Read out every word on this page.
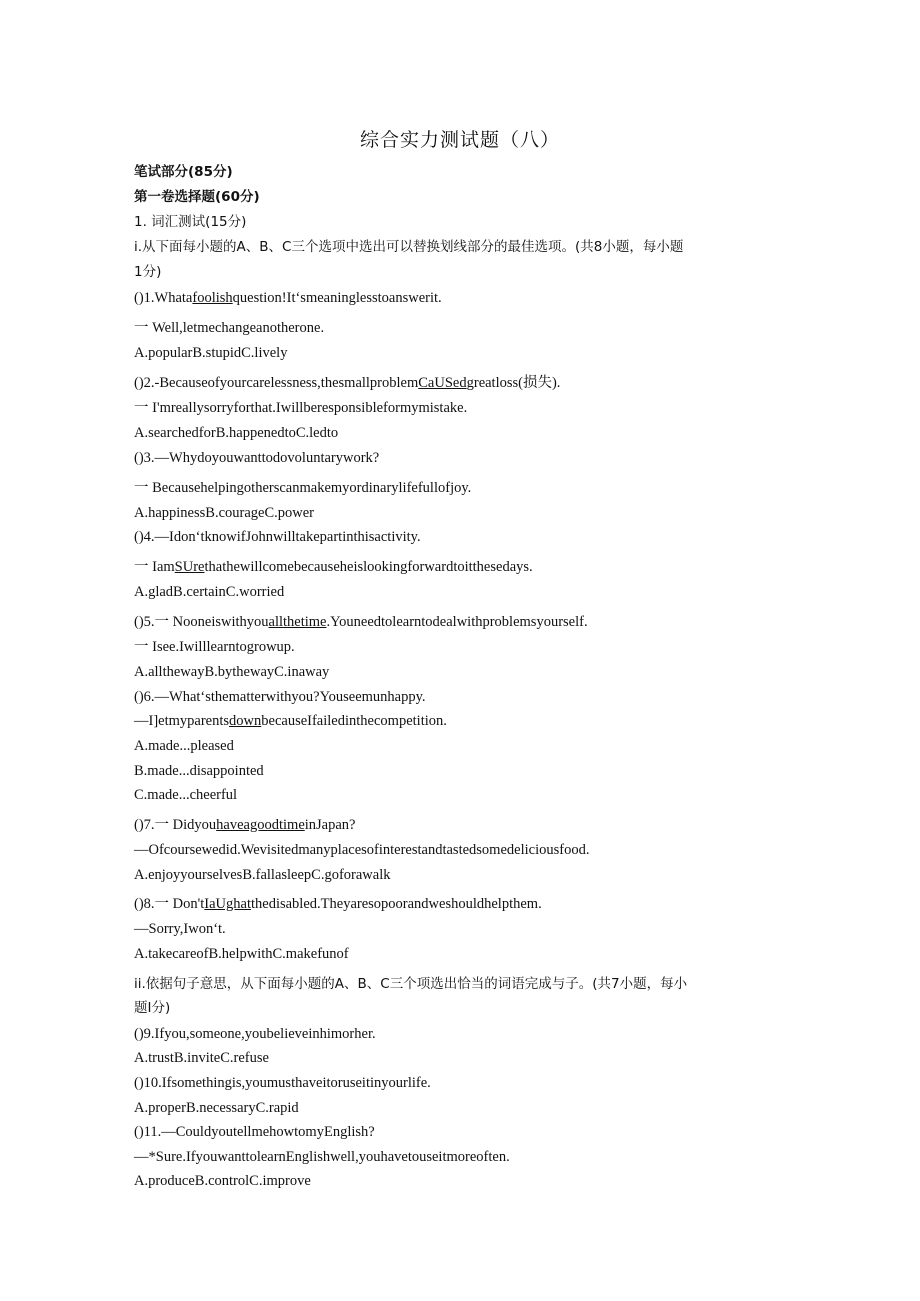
综合实力测试题（八）
笔试部分(85分)
第一卷选择题(60分)
1. 词汇测试(15分)
i.从下面每小题的A、B、C三个选项中选出可以替换划线部分的最佳选项。(共8小题，每小题
1分)
()1.Whatafoolishquestion!It‘smeaninglesstoanswerit.
一 Well,letmechangeanotherone.
A.popularB.stupidC.lively
()2.-Becauseofyourcarelessness,thesmallproblemCaUSedgreatloss(损失).
一 I'mreallysorryforthat.Iwillberesponsibleformymistake.
A.searchedforB.happenedtoC.ledto
()3.—Whydoyouwanttodovoluntarywork?
一 Becausehelpingotherscanmakemyordinarylifefullofjoy.
A.happinessB.courageC.power
()4.—Idon‘tknowifJohnwilltakepartinthisactivity.
一 IamSUrethathewillcomebecauseheislookingforwardtoitthesedays.
A.gladB.certainC.worried
()5.一 Nooneiswithyouallthetime.Youneedtolearntodealwithproblemsyourself.
一 Isee.Iwilllearntogrowup.
A.allthewayB.bythewayC.inaway
()6.—What‘sthematterwithyou?Youseemunhappy.
—I]etmyparentsdownbecauseIfailedinthecompetition.
A.made...pleased
B.made...disappointed
C.made...cheerful
()7.一 DidyouhaveagoodtimeinJapan?
—Ofcoursewedid.Wevisitedmanyplacesofinterestandtastedsomedeliciousfood.
A.enjoyyourselvesB.fallasleepC.goforawalk
()8.一 Don'tIaUghatthedisabled.Theyaresopoorandweshouldhelpthem.
—Sorry,Iwon‘t.
A.takecareofB.helpwithC.makefunof
ii.依据句子意思，从下面每小题的A、B、C三个项选出恰当的词语完成与子。(共7小题，每小
题I分)
()9.Ifyou,someone,youbelieveinhimorher.
A.trustB.inviteC.refuse
()10.Ifsomethingis,youmusthaveitoruseitinyourlife.
A.properB.necessaryC.rapid
()11.—CouldyoutellmehowtomyEnglish?
—*Sure.IfyouwanttolearnEnglishwell,youhavetouseitmoreoften.
A.produceB.controlC.improve
